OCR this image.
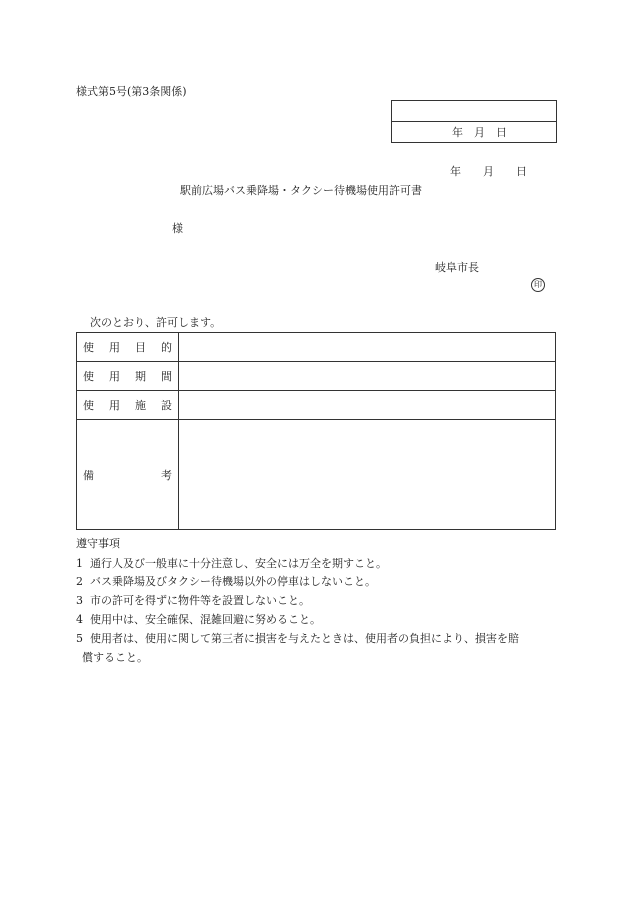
様式第5号(第3条関係)
年　月　日
年　　月　　日
駅前広場バス乗降場・タクシー待機場使用許可書
様
岐阜市長
印
次のとおり、許可します。
使 用 目 的	

使 用 期 間	

使 用 施 設	

備 考	

遵守事項
1 通行人及び一般車に十分注意し、安全には万全を期すこと。
2 バス乗降場及びタクシー待機場以外の停車はしないこと。
3 市の許可を得ずに物件等を設置しないこと。
4 使用中は、安全確保、混雑回避に努めること。
5 使用者は、使用に関して第三者に損害を与えたときは、使用者の負担により、損害を賠
償すること。
